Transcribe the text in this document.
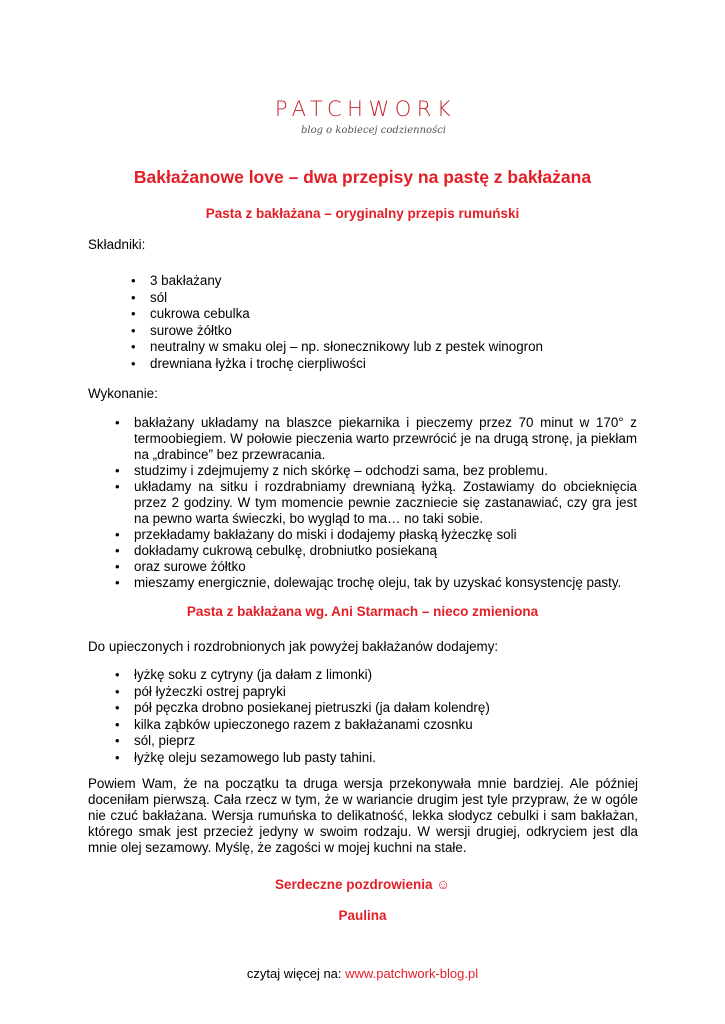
PATCHWORK
blog o kobiecej codzienności
Bakłażanowe love – dwa przepisy na pastę z bakłażana
Pasta z bakłażana – oryginalny przepis rumuński
Składniki:
• 3 bakłażany
• sól
• cukrowa cebulka
• surowe żółtko
• neutralny w smaku olej – np. słonecznikowy lub z pestek winogron
• drewniana łyżka i trochę cierpliwości
Wykonanie:
• bakłażany układamy na blaszce piekarnika i pieczemy przez 70 minut w 170° z termoobiegiem. W połowie pieczenia warto przewrócić je na drugą stronę, ja piekłam na „drabince” bez przewracania.
• studzimy i zdejmujemy z nich skórkę – odchodzi sama, bez problemu.
• układamy na sitku i rozdrabniamy drewnianą łyżką. Zostawiamy do obcieknięcia przez 2 godziny. W tym momencie pewnie zaczniecie się zastanawiać, czy gra jest na pewno warta świeczki, bo wygląd to ma… no taki sobie.
• przekładamy bakłażany do miski i dodajemy płaską łyżeczkę soli
• dokładamy cukrową cebulkę, drobniutko posiekaną
• oraz surowe żółtko
• mieszamy energicznie, dolewając trochę oleju, tak by uzyskać konsystencję pasty.
Pasta z bakłażana wg. Ani Starmach – nieco zmieniona
Do upieczonych i rozdrobnionych jak powyżej bakłażanów dodajemy:
• łyżkę soku z cytryny (ja dałam z limonki)
• pół łyżeczki ostrej papryki
• pół pęczka drobno posiekanej pietruszki (ja dałam kolendrę)
• kilka ząbków upieczonego razem z bakłażanami czosnku
• sól, pieprz
• łyżkę oleju sezamowego lub pasty tahini.
Powiem Wam, że na początku ta druga wersja przekonywała mnie bardziej. Ale później doceniłam pierwszą. Cała rzecz w tym, że w wariancie drugim jest tyle przypraw, że w ogóle nie czuć bakłażana. Wersja rumuńska to delikatność, lekka słodycz cebulki i sam bakłażan, którego smak jest przecież jedyny w swoim rodzaju. W wersji drugiej, odkryciem jest dla mnie olej sezamowy. Myślę, że zagości w mojej kuchni na stałe.
Serdeczne pozdrowienia ☺
Paulina
czytaj więcej na: www.patchwork-blog.pl
